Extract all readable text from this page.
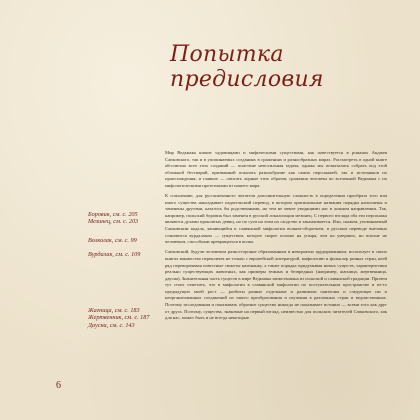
Попытка
предисловия

Мир Ведьмака кишит чудовищами и мифическими существами, как повествуется в романах Анджея Сапковского, так и в упоминаемых созданиях в сражениях и разнообразных мирах. Рассмотреть в одной книге абсолютно всех этих созданий — поистине непосильная задача; однако мы попытались собрать под этой обложкой бестиарий, призванный показать разнообразие как самих персонажей, так и источников их происхождения; и главное — описать лорные этих образов, сражения человека во вселенной Ведьмака с их мифологическими прототипами из нашего мира.

К сожалению, для русскоязычного читателя дополнительную сложность в определении прообраза того или иного существа накладывает издательский перевод, в котором оригинальные названия порядка наполнены и заменены другими, казалось бы родственными, но тем не менее уводящими нас в ложном направлении. Так, например, польский боровик был заменен в русской локализации мезинец. С первого взгляда оба эти персонажа являются духами проклятых девиц, но по сути на этом их сходство и заканчивается. Или, скажем, упоминаемый Сапковским кодаль, являющийся в славянской мифологии волком-оборотнем, в русском переводе внезапно становится вурдалаком — существом, которое скорее похоже на упыря, чем на умерших, но вполне не человеком, способным превращаться в волка.

Сапковский, будучи человеком разносторонне образованным и невероятно эрудированным, использует в своих книгах множество перекличек не только с европейской литературой, мифологию и фольклор разных стран, коей ряд переворачивая известные сюжеты наизнанку, а также порядка придумывая новых существ, характеристики реально существующих животных, как примеры земных и безвредных (например, жагница, жертвенница, даусна). Значительная часть существ в мире Ведьмака заимствована из польской и славянской традиции. Причем тут стоит отметить, что в мифологии в славянской мифологии по поступательном пространстве и из-то предыдущих моей рост — разбиты разные отдельные и развивали пантеоны и следующее им и неорганизованных соединений из такого преобразования и изучения в различных стран и ведомственных. Поэтому исследования и показывать образное существо никогда не показывает истинно — всеми того как друг от друга. Поэтому, существа, знакомые на первый взгляд, неизвестно для польских читателей Сапковского, как для нас, может быть и не всегда некоторые.

Боровик, см. с. 205
Мезинец, см. с. 203
Волколак, см. с. 99
Вурдалак, см. с. 109
Жагница, см. с. 183
Жертвенник, см. с. 187
Даусна, см. с. 143
6
